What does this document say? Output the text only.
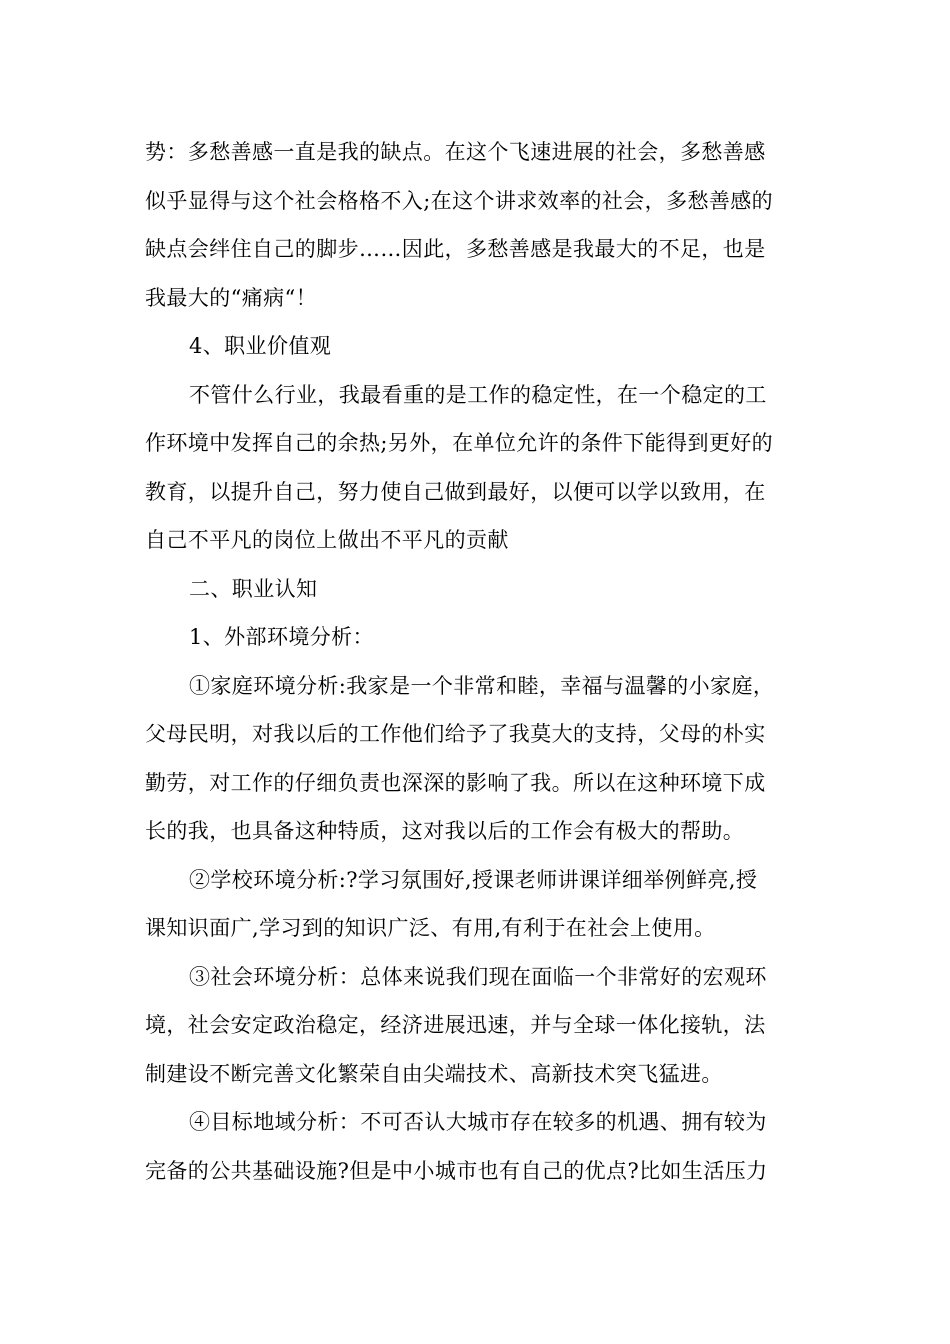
势：多愁善感一直是我的缺点。在这个飞速进展的社会，多愁善感
似乎显得与这个社会格格不入;在这个讲求效率的社会，多愁善感的
缺点会绊住自己的脚步……因此，多愁善感是我最大的不足，也是
我最大的“痛病“！
4、职业价值观
不管什么行业，我最看重的是工作的稳定性，在一个稳定的工
作环境中发挥自己的余热;另外，在单位允许的条件下能得到更好的
教育，以提升自己，努力使自己做到最好，以便可以学以致用，在
自己不平凡的岗位上做出不平凡的贡献
二、职业认知
1、外部环境分析：
①家庭环境分析:我家是一个非常和睦，幸福与温馨的小家庭，
父母民明，对我以后的工作他们给予了我莫大的支持，父母的朴实
勤劳，对工作的仔细负责也深深的影响了我。所以在这种环境下成
长的我，也具备这种特质，这对我以后的工作会有极大的帮助。
②学校环境分析:?学习氛围好,授课老师讲课详细举例鲜亮,授
课知识面广,学习到的知识广泛、有用,有利于在社会上使用。
③社会环境分析：总体来说我们现在面临一个非常好的宏观环
境，社会安定政治稳定，经济进展迅速，并与全球一体化接轨，法
制建设不断完善文化繁荣自由尖端技术、高新技术突飞猛进。
④目标地域分析：不可否认大城市存在较多的机遇、拥有较为
完备的公共基础设施?但是中小城市也有自己的优点?比如生活压力
